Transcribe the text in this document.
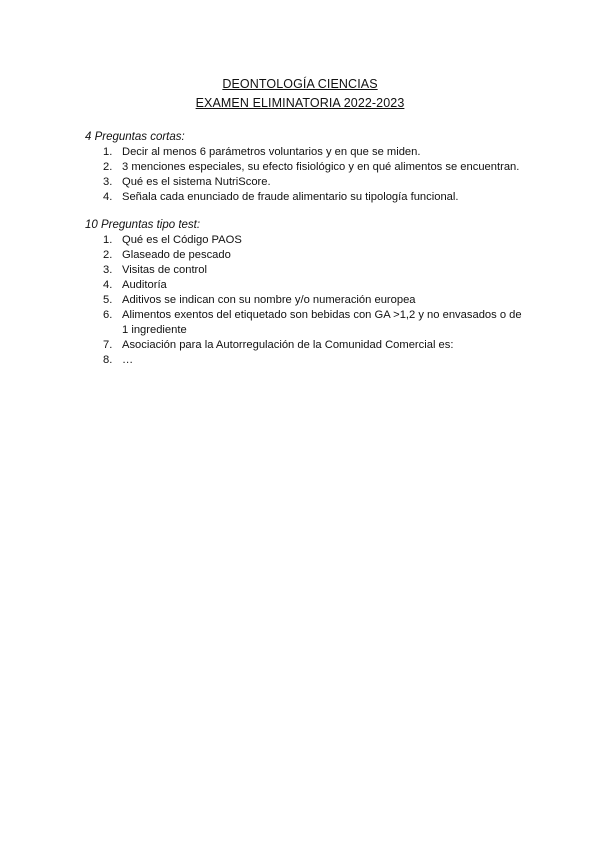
DEONTOLOGÍA CIENCIAS
EXAMEN ELIMINATORIA 2022-2023
4 Preguntas cortas:
1. Decir al menos 6 parámetros voluntarios y en que se miden.
2. 3 menciones especiales, su efecto fisiológico y en qué alimentos se encuentran.
3. Qué es el sistema NutriScore.
4. Señala cada enunciado de fraude alimentario su tipología funcional.
10 Preguntas tipo test:
1. Qué es el Código PAOS
2. Glaseado de pescado
3. Visitas de control
4. Auditoría
5. Aditivos se indican con su nombre y/o numeración europea
6. Alimentos exentos del etiquetado son bebidas con GA >1,2 y no envasados o de 1 ingrediente
7. Asociación para la Autorregulación de la Comunidad Comercial es:
8. …
